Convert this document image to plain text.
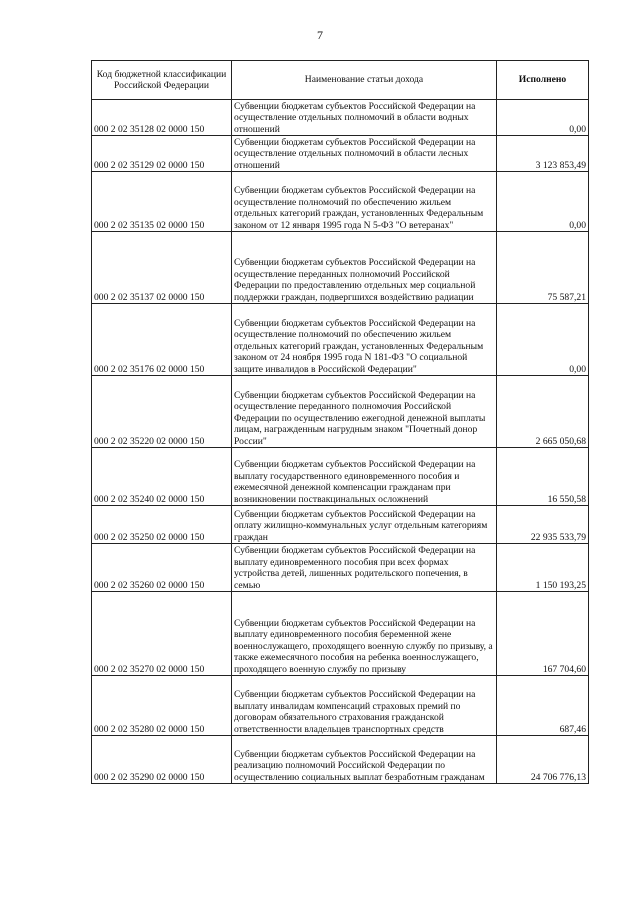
7
Код бюджетной классификации Российской Федерации	Наименование статьи дохода	Исполнено
000 2 02 35128 02 0000 150	Субвенции бюджетам субъектов Российской Федерации на осуществление отдельных полномочий в области водных отношений	0,00
000 2 02 35129 02 0000 150	Субвенции бюджетам субъектов Российской Федерации на осуществление отдельных полномочий в области лесных отношений	3 123 853,49
000 2 02 35135 02 0000 150	Субвенции бюджетам субъектов Российской Федерации на осуществление полномочий по обеспечению жильем отдельных категорий граждан, установленных Федеральным законом от 12 января 1995 года N 5-ФЗ "О ветеранах"	0,00
000 2 02 35137 02 0000 150	Субвенции бюджетам субъектов Российской Федерации на осуществление переданных полномочий Российской Федерации по предоставлению отдельных мер социальной поддержки граждан, подвергшихся воздействию радиации	75 587,21
000 2 02 35176 02 0000 150	Субвенции бюджетам субъектов Российской Федерации на осуществление полномочий по обеспечению жильем отдельных категорий граждан, установленных Федеральным законом от 24 ноября 1995 года N 181-ФЗ "О социальной защите инвалидов в Российской Федерации"	0,00
000 2 02 35220 02 0000 150	Субвенции бюджетам субъектов Российской Федерации на осуществление переданного полномочия Российской Федерации по осуществлению ежегодной денежной выплаты лицам, награжденным нагрудным знаком "Почетный донор России"	2 665 050,68
000 2 02 35240 02 0000 150	Субвенции бюджетам субъектов Российской Федерации на выплату государственного единовременного пособия и ежемесячной денежной компенсации гражданам при возникновении поствакцинальных осложнений	16 550,58
000 2 02 35250 02 0000 150	Субвенции бюджетам субъектов Российской Федерации на оплату жилищно-коммунальных услуг отдельным категориям граждан	22 935 533,79
000 2 02 35260 02 0000 150	Субвенции бюджетам субъектов Российской Федерации на выплату единовременного пособия при всех формах устройства детей, лишенных родительского попечения, в семью	1 150 193,25
000 2 02 35270 02 0000 150	Субвенции бюджетам субъектов Российской Федерации на выплату единовременного пособия беременной жене военнослужащего, проходящего военную службу по призыву, а также ежемесячного пособия на ребенка военнослужащего, проходящего военную службу по призыву	167 704,60
000 2 02 35280 02 0000 150	Субвенции бюджетам субъектов Российской Федерации на выплату инвалидам компенсаций страховых премий по договорам обязательного страхования гражданской ответственности владельцев транспортных средств	687,46
000 2 02 35290 02 0000 150	Субвенции бюджетам субъектов Российской Федерации на реализацию полномочий Российской Федерации по осуществлению социальных выплат безработным гражданам	24 706 776,13
